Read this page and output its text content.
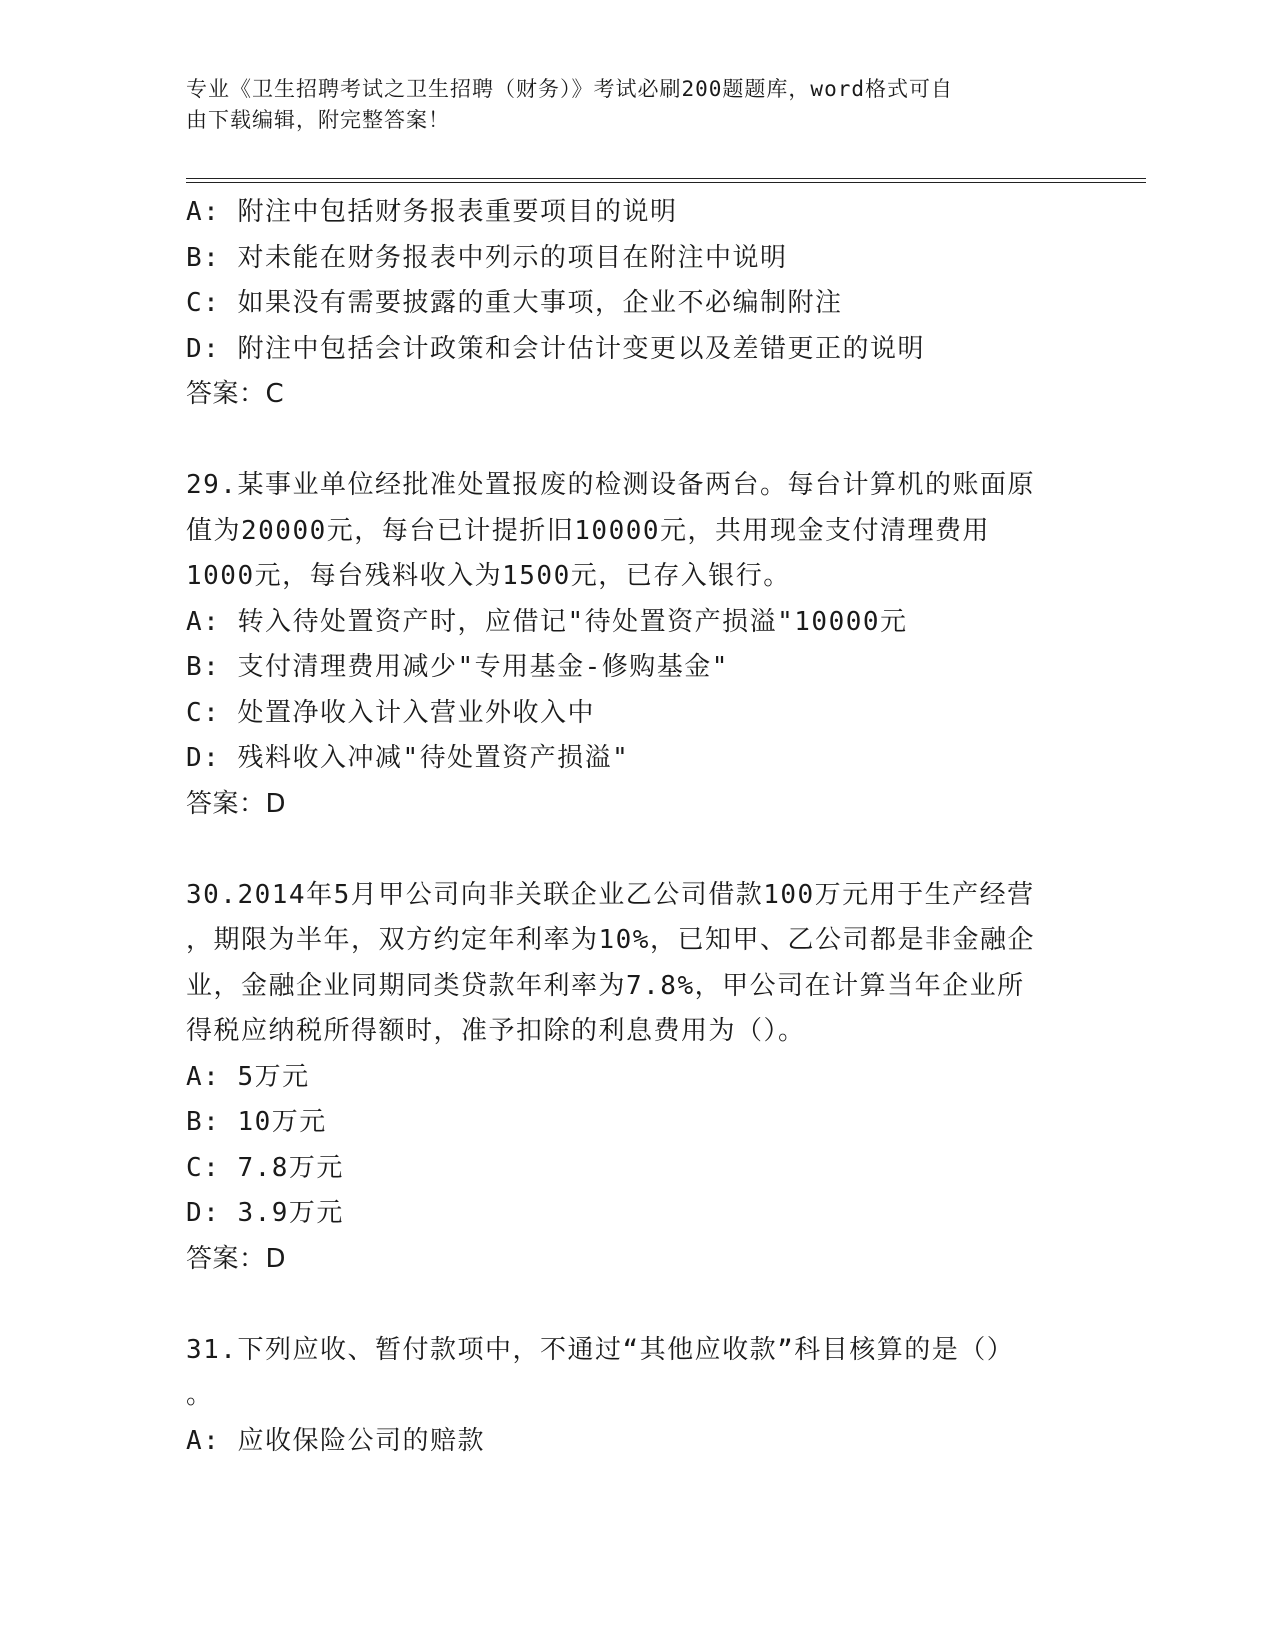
专业《卫生招聘考试之卫生招聘（财务）》考试必刷200题题库，word格式可自
由下载编辑，附完整答案！
A: 附注中包括财务报表重要项目的说明
B: 对未能在财务报表中列示的项目在附注中说明
C: 如果没有需要披露的重大事项，企业不必编制附注
D: 附注中包括会计政策和会计估计变更以及差错更正的说明
答案：C
29.某事业单位经批准处置报废的检测设备两台。每台计算机的账面原
值为20000元，每台已计提折旧10000元，共用现金支付清理费用
1000元，每台残料收入为1500元，已存入银行。
A: 转入待处置资产时，应借记"待处置资产损溢"10000元
B: 支付清理费用减少"专用基金-修购基金"
C: 处置净收入计入营业外收入中
D: 残料收入冲减"待处置资产损溢"
答案：D
30.2014年5月甲公司向非关联企业乙公司借款100万元用于生产经营
，期限为半年，双方约定年利率为10%，已知甲、乙公司都是非金融企
业，金融企业同期同类贷款年利率为7.8%，甲公司在计算当年企业所
得税应纳税所得额时，准予扣除的利息费用为（）。
A: 5万元
B: 10万元
C: 7.8万元
D: 3.9万元
答案：D
31.下列应收、暂付款项中，不通过“其他应收款”科目核算的是（）
。
A: 应收保险公司的赔款
